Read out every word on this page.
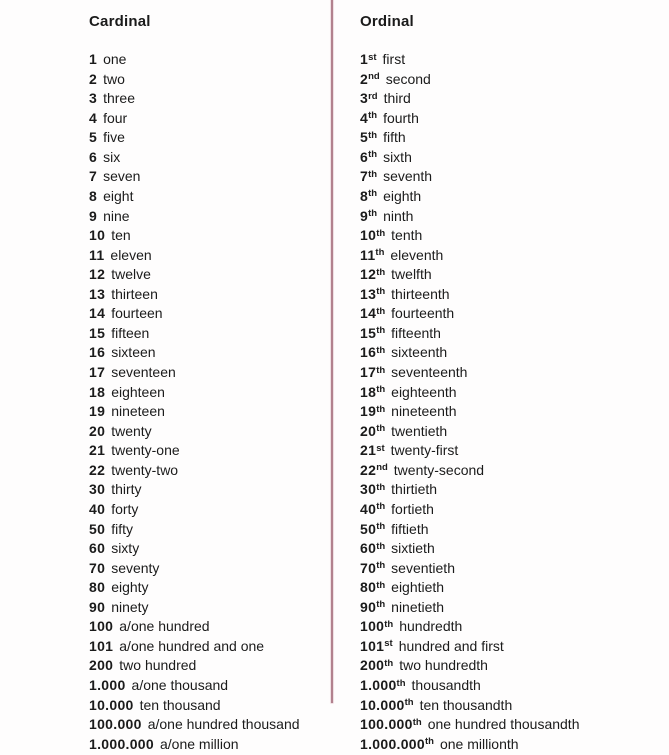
Cardinal
1 one
2 two
3 three
4 four
5 five
6 six
7 seven
8 eight
9 nine
10 ten
11 eleven
12 twelve
13 thirteen
14 fourteen
15 fifteen
16 sixteen
17 seventeen
18 eighteen
19 nineteen
20 twenty
21 twenty-one
22 twenty-two
30 thirty
40 forty
50 fifty
60 sixty
70 seventy
80 eighty
90 ninety
100 a/one hundred
101 a/one hundred and one
200 two hundred
1.000 a/one thousand
10.000 ten thousand
100.000 a/one hundred thousand
1.000.000 a/one million
Ordinal
1st first
2nd second
3rd third
4th fourth
5th fifth
6th sixth
7th seventh
8th eighth
9th ninth
10th tenth
11th eleventh
12th twelfth
13th thirteenth
14th fourteenth
15th fifteenth
16th sixteenth
17th seventeenth
18th eighteenth
19th nineteenth
20th twentieth
21st twenty-first
22nd twenty-second
30th thirtieth
40th fortieth
50th fiftieth
60th sixtieth
70th seventieth
80th eightieth
90th ninetieth
100th hundredth
101st hundred and first
200th two hundredth
1.000th thousandth
10.000th ten thousandth
100.000th one hundred thousandth
1.000.000th one millionth
